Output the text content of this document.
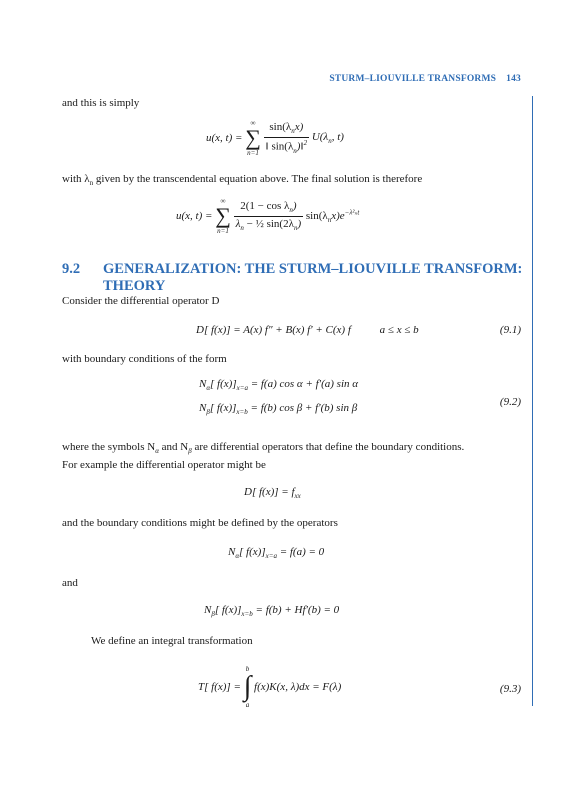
STURM–LIOUVILLE TRANSFORMS 143
and this is simply
u(x, t) =
∞
∑
n=1
$\frac{\sin(\lambda_nx)}{‖ \sin(\lambda_n)‖^2} U(\lambda_n$, t)
with $\lambda_n$ given by the transcendental equation above. The final solution is therefore
u(x, t) =
∞
∑
n=1
$\frac{2(1 - \cos \lambda_n)}{\lambda_n - \frac{1}{2} \sin(2\lambda_n)} \sin(\lambda_nx)e^{-\lambda^2_nt}$
9.2 GENERALIZATION: THE STURM–LIOUVILLE TRANSFORM: THEORY
Consider the differential operator D
D[ f(x)] = A(x) f″ + B(x) f′ + C(x) f	a ≤ x ≤ b	(9.1)
with boundary conditions of the form
$N_\alpha$[ $f(x)]_{x=a} = f(a)$ cos α + f′(a) sin α
$N_\beta$[ $f(x)]_{x=b} = f(b)$ cos β + f′(b) sin β	(9.2)
where the symbols $N_\alpha$ and $N_\beta$ are differential operators that define the boundary conditions.
For example the differential operator might be
D[ $f(x)] = f_{xx}$
and the boundary conditions might be defined by the operators
$N_\alpha$[ $f(x)]_{x=a} = f(a) = 0$
and
$N_\beta$[ $f(x)]_{x=b} = f(b) + Hf'(b) = 0$
We define an integral transformation
T[ f(x)] =
b
∫
a
f(x)K(x, λ)dx = F(λ)	(9.3)
